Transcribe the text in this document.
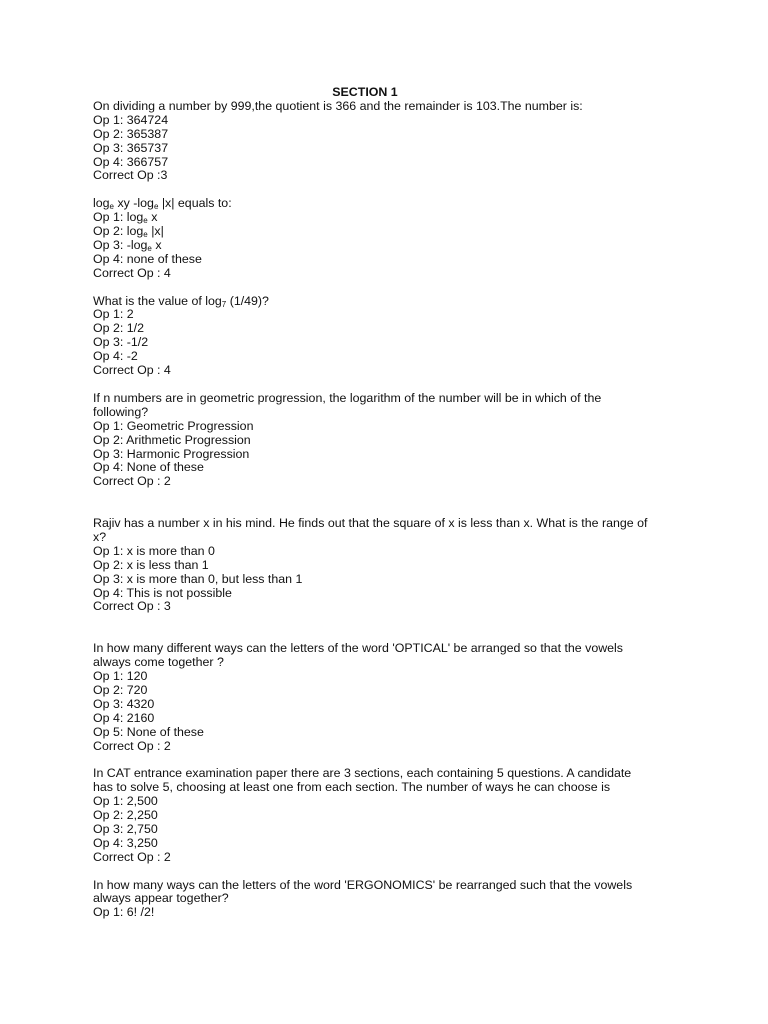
SECTION 1
On dividing a number by 999,the quotient is 366 and the remainder is 103.The number is:
Op 1: 364724
Op 2: 365387
Op 3: 365737
Op 4: 366757
Correct Op :3
$\log_e$ xy $-\log_e$ |x| equals to:
Op 1: $\log_e x$
Op 2: $\log_e |x|$
Op 3: $-\log_e$ x
Op 4: none of these
Correct Op : 4
What is the value of $\log_7 (1/49)$?
Op 1: 2
Op 2: 1/2
Op 3: -1/2
Op 4: -2
Correct Op : 4
If n numbers are in geometric progression, the logarithm of the number will be in which of the
following?
Op 1: Geometric Progression
Op 2: Arithmetic Progression
Op 3: Harmonic Progression
Op 4: None of these
Correct Op : 2
Rajiv has a number x in his mind. He finds out that the square of x is less than x. What is the range of
x?
Op 1: x is more than 0
Op 2: x is less than 1
Op 3: x is more than 0, but less than 1
Op 4: This is not possible
Correct Op : 3
In how many different ways can the letters of the word 'OPTICAL' be arranged so that the vowels
always come together ?
Op 1: 120
Op 2: 720
Op 3: 4320
Op 4: 2160
Op 5: None of these
Correct Op : 2
In CAT entrance examination paper there are 3 sections, each containing 5 questions. A candidate
has to solve 5, choosing at least one from each section. The number of ways he can choose is
Op 1: 2,500
Op 2: 2,250
Op 3: 2,750
Op 4: 3,250
Correct Op : 2
In how many ways can the letters of the word 'ERGONOMICS' be rearranged such that the vowels
always appear together?
Op 1: 6! /2!
